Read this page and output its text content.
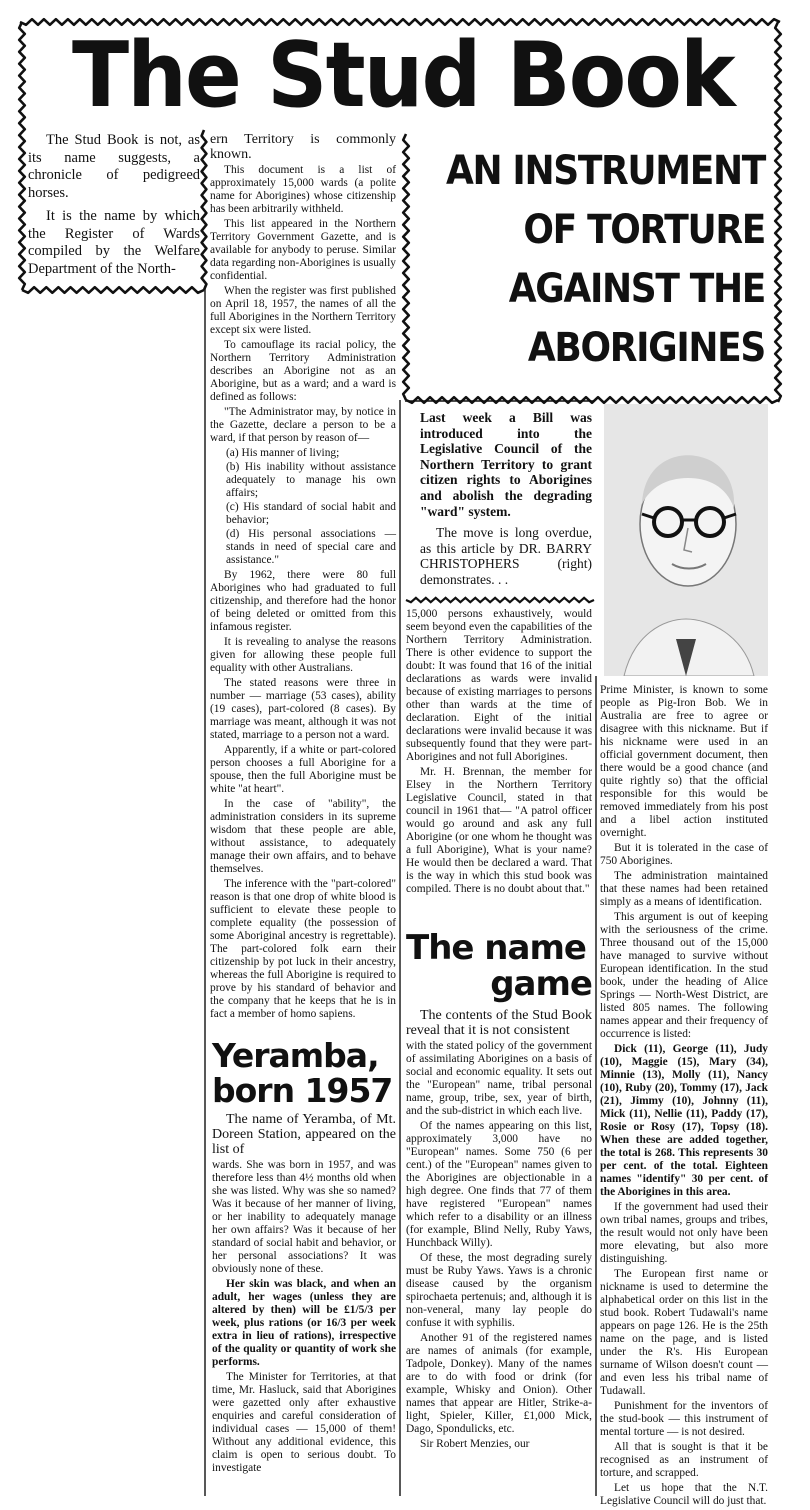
The Stud Book

The Stud Book is not, as its name suggests, a chronicle of pedigreed horses.

It is the name by which the Register of Wards compiled by the Welfare Department of the North-

ern Territory is commonly known.

This document is a list of approximately 15,000 wards (a polite name for Aborigines) whose citizenship has been arbitrarily withheld.

This list appeared in the Northern Territory Government Gazette, and is available for anybody to peruse. Similar data regarding non-Aborigines is usually confidential.

When the register was first published on April 18, 1957, the names of all the full Aborigines in the Northern Territory except six were listed.

To camouflage its racial policy, the Northern Territory Administration describes an Aborigine not as an Aborigine, but as a ward; and a ward is defined as follows:

"The Administrator may, by notice in the Gazette, declare a person to be a ward, if that person by reason of—

(a) His manner of living;
(b) His inability without assistance adequately to manage his own affairs;
(c) His standard of social habit and behavior;
(d) His personal associations — stands in need of special care and assistance."

By 1962, there were 80 full Aborigines who had graduated to full citizenship, and therefore had the honor of being deleted or omitted from this infamous register.

It is revealing to analyse the reasons given for allowing these people full equality with other Australians.

The stated reasons were three in number — marriage (53 cases), ability (19 cases), part-colored (8 cases). By marriage was meant, although it was not stated, marriage to a person not a ward.

Apparently, if a white or part-colored person chooses a full Aborigine for a spouse, then the full Aborigine must be white "at heart".

In the case of "ability", the administration considers in its supreme wisdom that these people are able, without assistance, to adequately manage their own affairs, and to behave themselves.

The inference with the "part-colored" reason is that one drop of white blood is sufficient to elevate these people to complete equality (the possession of some Aboriginal ancestry is regrettable). The part-colored folk earn their citizenship by pot luck in their ancestry, whereas the full Aborigine is required to prove by his standard of behavior and the company that he keeps that he is in fact a member of homo sapiens.

Yeramba,
born 1957

The name of Yeramba, of Mt. Doreen Station, appeared on the list of

wards. She was born in 1957, and was therefore less than 4½ months old when she was listed. Why was she so named? Was it because of her manner of living, or her inability to adequately manage her own affairs? Was it because of her standard of social habit and behavior, or her personal associations? It was obviously none of these.

Her skin was black, and when an adult, her wages (unless they are altered by then) will be £1/5/3 per week, plus rations (or 16/3 per week extra in lieu of rations), irrespective of the quality or quantity of work she performs.

The Minister for Territories, at that time, Mr. Hasluck, said that Aborigines were gazetted only after exhaustive enquiries and careful consideration of individual cases — 15,000 of them! Without any additional evidence, this claim is open to serious doubt. To investigate

AN INSTRUMENT
OF TORTURE
AGAINST THE
ABORIGINES
Last week a Bill was introduced into the Legislative Council of the Northern Territory to grant citizen rights to Aborigines and abolish the degrading "ward" system.
The move is long overdue, as this article by DR. BARRY CHRISTOPHERS (right) demonstrates. . .

15,000 persons exhaustively, would seem beyond even the capabilities of the Northern Territory Administration. There is other evidence to support the doubt: It was found that 16 of the initial declarations as wards were invalid because of existing marriages to persons other than wards at the time of declaration. Eight of the initial declarations were invalid because it was subsequently found that they were part-Aborigines and not full Aborigines.

Mr. H. Brennan, the member for Elsey in the Northern Territory Legislative Council, stated in that council in 1961 that— "A patrol officer would go around and ask any full Aborigine (or one whom he thought was a full Aborigine), What is your name? He would then be declared a ward. That is the way in which this stud book was compiled. There is no doubt about that."

The name
game

The contents of the Stud Book reveal that it is not consistent

with the stated policy of the government of assimilating Aborigines on a basis of social and economic equality. It sets out the "European" name, tribal personal name, group, tribe, sex, year of birth, and the sub-district in which each live.

Of the names appearing on this list, approximately 3,000 have no "European" names. Some 750 (6 per cent.) of the "European" names given to the Aborigines are objectionable in a high degree. One finds that 77 of them have registered "European" names which refer to a disability or an illness (for example, Blind Nelly, Ruby Yaws, Hunchback Willy).

Of these, the most degrading surely must be Ruby Yaws. Yaws is a chronic disease caused by the organism spirochaeta pertenuis; and, although it is non-veneral, many lay people do confuse it with syphilis.

Another 91 of the registered names are names of animals (for example, Tadpole, Donkey). Many of the names are to do with food or drink (for example, Whisky and Onion). Other names that appear are Hitler, Strike-a-light, Spieler, Killer, £1,000 Mick, Dago, Spondulicks, etc.

Sir Robert Menzies, our

Prime Minister, is known to some people as Pig-Iron Bob. We in Australia are free to agree or disagree with this nickname. But if his nickname were used in an official government document, then there would be a good chance (and quite rightly so) that the official responsible for this would be removed immediately from his post and a libel action instituted overnight.

But it is tolerated in the case of 750 Aborigines.

The administration maintained that these names had been retained simply as a means of identification.

This argument is out of keeping with the seriousness of the crime. Three thousand out of the 15,000 have managed to survive without European identification. In the stud book, under the heading of Alice Springs — North-West District, are listed 805 names. The following names appear and their frequency of occurrence is listed:

Dick (11), George (11), Judy (10), Maggie (15), Mary (34), Minnie (13), Molly (11), Nancy (10), Ruby (20), Tommy (17), Jack (21), Jimmy (10), Johnny (11), Mick (11), Nellie (11), Paddy (17), Rosie or Rosy (17), Topsy (18). When these are added together, the total is 268. This represents 30 per cent. of the total. Eighteen names "identify" 30 per cent. of the Aborigines in this area.

If the government had used their own tribal names, groups and tribes, the result would not only have been more elevating, but also more distinguishing.

The European first name or nickname is used to determine the alphabetical order on this list in the stud book. Robert Tudawali's name appears on page 126. He is the 25th name on the page, and is listed under the R's. His European surname of Wilson doesn't count — and even less his tribal name of Tudawall.

Punishment for the inventors of the stud-book — this instrument of mental torture — is not desired.

All that is sought is that it be recognised as an instrument of torture, and scrapped.

Let us hope that the N.T. Legislative Council will do just that.
